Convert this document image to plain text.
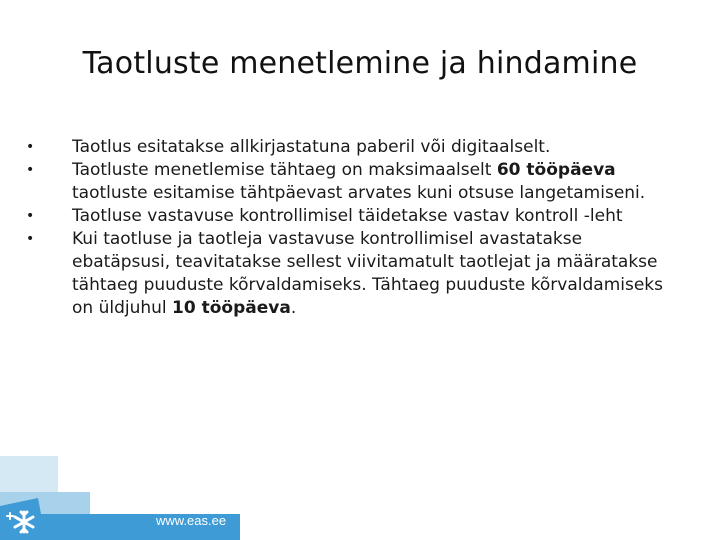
Taotluste menetlemine ja hindamine
•	Taotlus esitatakse allkirjastatuna paberil või digitaalselt.
•	Taotluste menetlemise tähtaeg on maksimaalselt 60 tööpäeva taotluste esitamise tähtpäevast arvates kuni otsuse langetamiseni.
•	Taotluse vastavuse kontrollimisel täidetakse vastav kontroll -leht
•	Kui taotluse ja taotleja vastavuse kontrollimisel avastatakse ebatäpsusi, teavitatakse sellest viivitamatult taotlejat ja määratakse tähtaeg puuduste kõrvaldamiseks. Tähtaeg puuduste kõrvaldamiseks on üldjuhul 10 tööpäeva.
www.eas.ee
